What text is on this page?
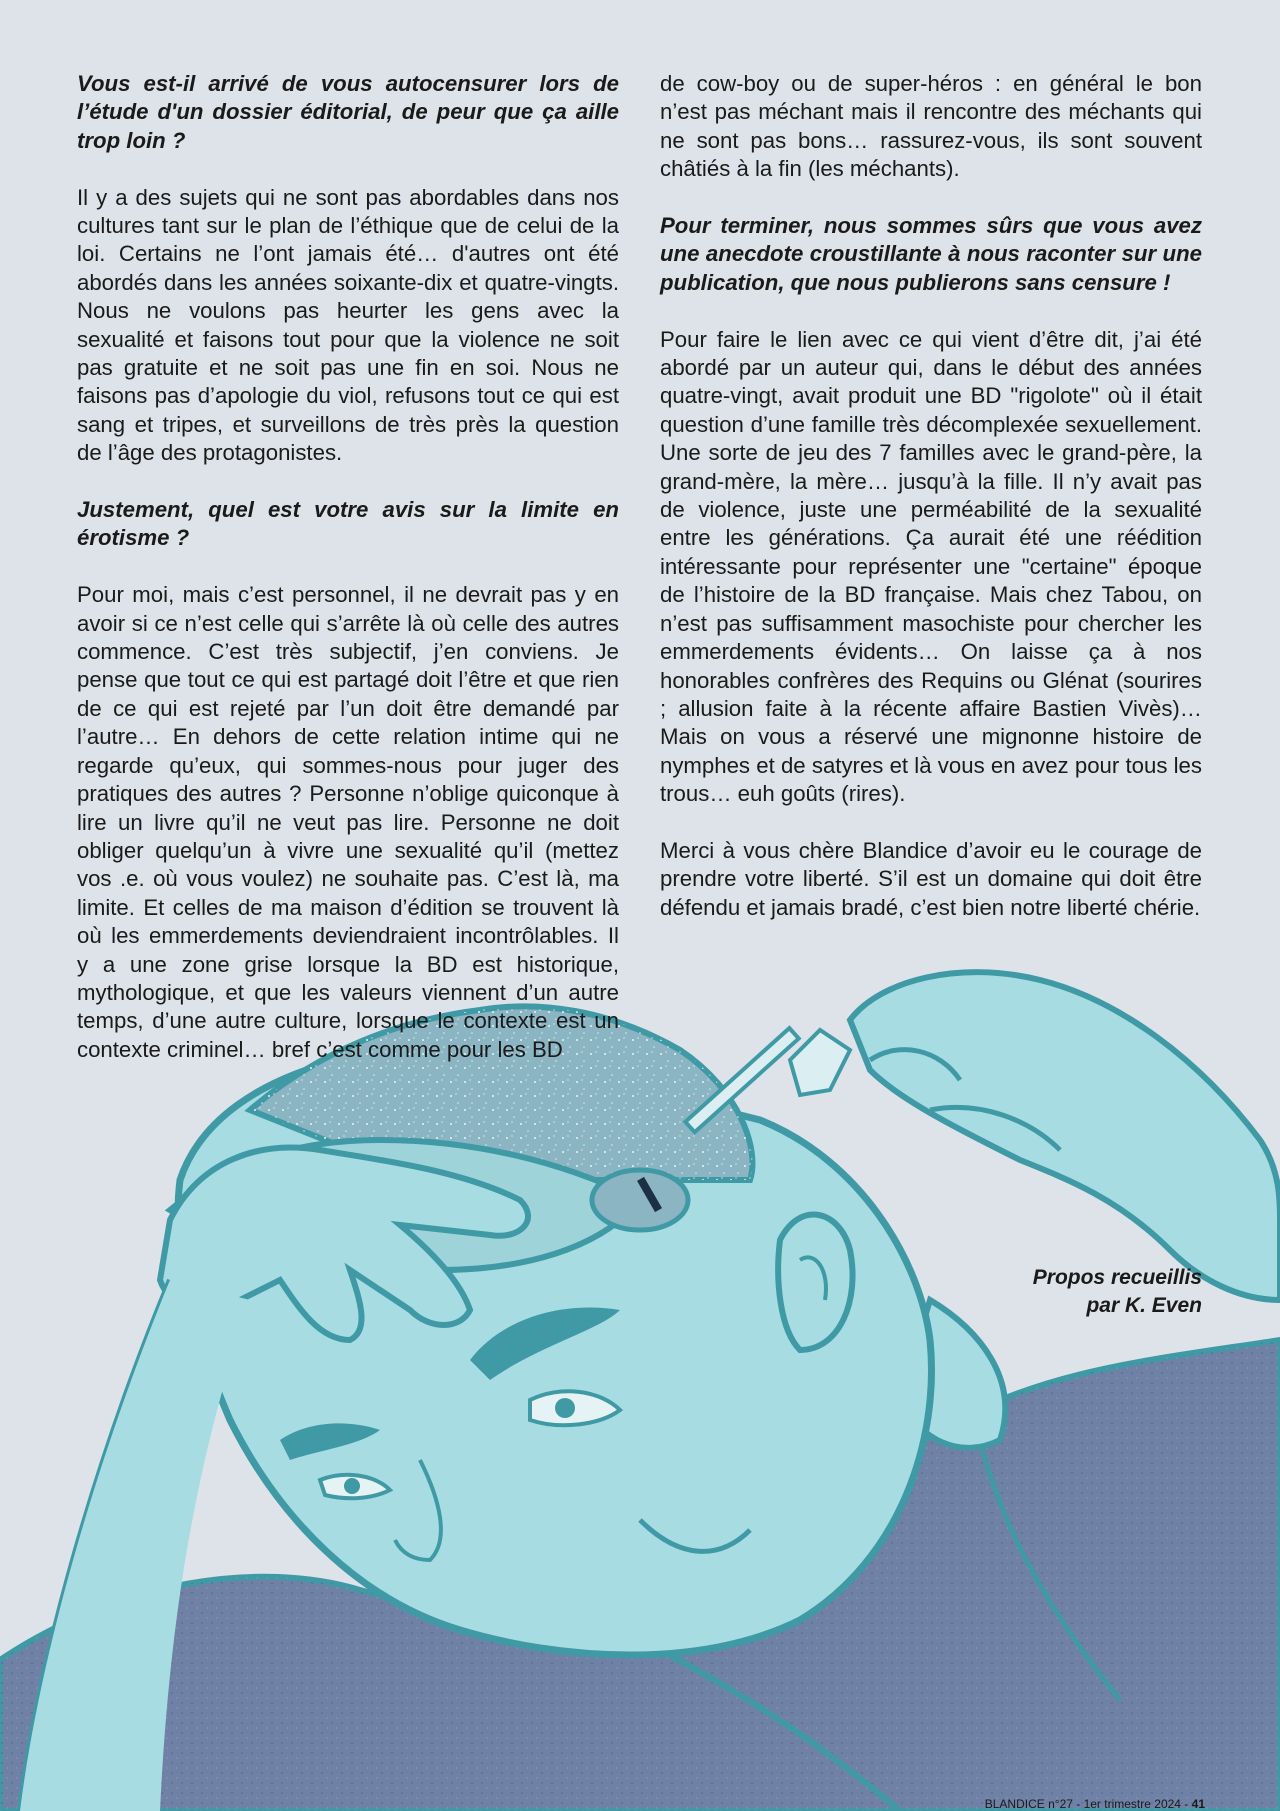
Vous est-il arrivé de vous autocensurer lors de l’étude d'un dossier éditorial, de peur que ça aille trop loin ?

Il y a des sujets qui ne sont pas abordables dans nos cultures tant sur le plan de l’éthique que de celui de la loi. Certains ne l’ont jamais été… d'autres ont été abordés dans les années soixante-dix et quatre-vingts. Nous ne voulons pas heurter les gens avec la sexualité et faisons tout pour que la violence ne soit pas gratuite et ne soit pas une fin en soi. Nous ne faisons pas d’apologie du viol, refusons tout ce qui est sang et tripes, et surveillons de très près la question de l’âge des protagonistes.

Justement, quel est votre avis sur la limite en érotisme ?

Pour moi, mais c’est personnel, il ne devrait pas y en avoir si ce n’est celle qui s’arrête là où celle des autres commence. C’est très subjectif, j’en conviens. Je pense que tout ce qui est partagé doit l’être et que rien de ce qui est rejeté par l’un doit être demandé par l’autre… En dehors de cette relation intime qui ne regarde qu’eux, qui sommes-nous pour juger des pratiques des autres ? Personne n’oblige quiconque à lire un livre qu’il ne veut pas lire. Personne ne doit obliger quelqu’un à vivre une sexualité qu’il (mettez vos .e. où vous voulez) ne souhaite pas. C’est là, ma limite. Et celles de ma maison d’édition se trouvent là où les emmerdements deviendraient incontrôlables. Il y a une zone grise lorsque la BD est historique, mythologique, et que les valeurs viennent d’un autre temps, d’une autre culture, lorsque le contexte est un contexte criminel… bref c’est comme pour les BD

de cow-boy ou de super-héros : en général le bon n’est pas méchant mais il rencontre des méchants qui ne sont pas bons… rassurez-vous, ils sont souvent châtiés à la fin (les méchants).

Pour terminer, nous sommes sûrs que vous avez une anecdote croustillante à nous raconter sur une publication, que nous publierons sans censure !

Pour faire le lien avec ce qui vient d’être dit, j’ai été abordé par un auteur qui, dans le début des années quatre-vingt, avait produit une BD "rigolote" où il était question d’une famille très décomplexée sexuellement. Une sorte de jeu des 7 familles avec le grand-père, la grand-mère, la mère… jusqu’à la fille. Il n’y avait pas de violence, juste une perméabilité de la sexualité entre les générations. Ça aurait été une réédition intéressante pour représenter une "certaine" époque de l’histoire de la BD française. Mais chez Tabou, on n’est pas suffisamment masochiste pour chercher les emmerdements évidents… On laisse ça à nos honorables confrères des Requins ou Glénat (sourires ; allusion faite à la récente affaire Bastien Vivès)… Mais on vous a réservé une mignonne histoire de nymphes et de satyres et là vous en avez pour tous les trous… euh goûts (rires).

Merci à vous chère Blandice d’avoir eu le courage de prendre votre liberté. S’il est un domaine qui doit être défendu et jamais bradé, c’est bien notre liberté chérie.

Propos recueillis
par K. Even
BLANDICE n°27 - 1er trimestre 2024 - 41
